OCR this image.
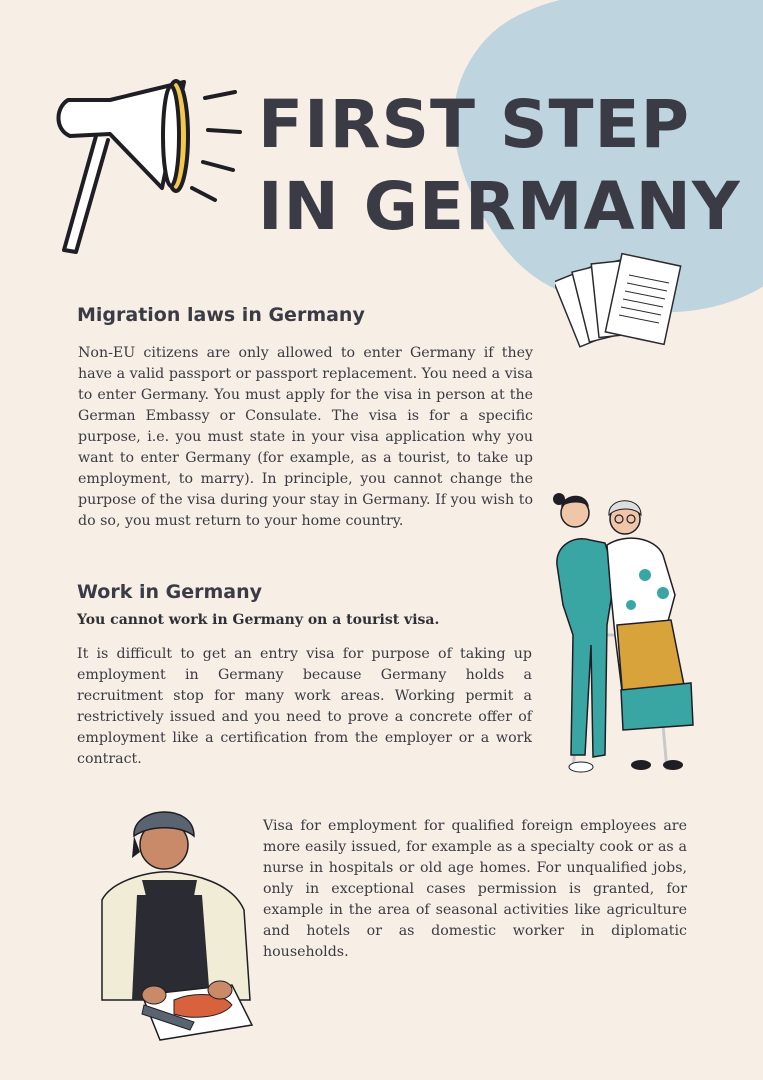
FIRST STEP
IN GERMANY
Migration laws in Germany

Non-EU citizens are only allowed to enter Germany if they have a valid passport or passport replacement. You need a visa to enter Germany. You must apply for the visa in person at the German Embassy or Consulate. The visa is for a specific purpose, i.e. you must state in your visa application why you want to enter Germany (for example, as a tourist, to take up employment, to marry). In principle, you cannot change the purpose of the visa during your stay in Germany. If you wish to do so, you must return to your home country.

Work in Germany

You cannot work in Germany on a tourist visa.

It is difficult to get an entry visa for purpose of taking up employment in Germany because Germany holds a recruitment stop for many work areas. Working permit a restrictively issued and you need to prove a concrete offer of employment like a certification from the employer or a work contract.

Visa for employment for qualified foreign employees are more easily issued, for example as a specialty cook or as a nurse in hospitals or old age homes. For unqualified jobs, only in exceptional cases permission is granted, for example in the area of seasonal activities like agriculture and hotels or as domestic worker in diplomatic households.
